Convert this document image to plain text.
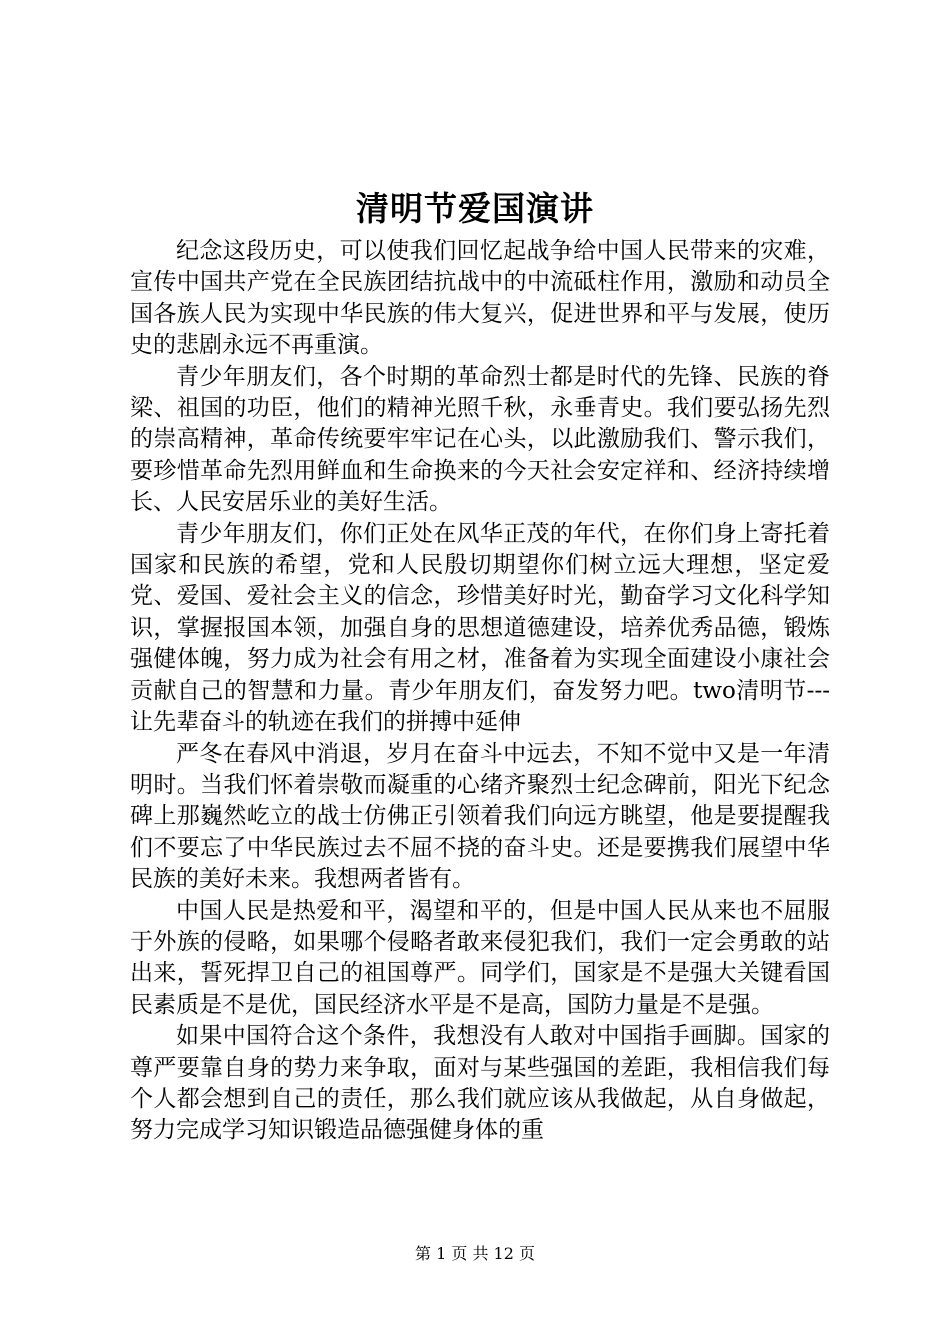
清明节爱国演讲

纪念这段历史，可以使我们回忆起战争给中国人民带来的灾难，宣传中国共产党在全民族团结抗战中的中流砥柱作用，激励和动员全国各族人民为实现中华民族的伟大复兴，促进世界和平与发展，使历史的悲剧永远不再重演。

青少年朋友们，各个时期的革命烈士都是时代的先锋、民族的脊梁、祖国的功臣，他们的精神光照千秋，永垂青史。我们要弘扬先烈的崇高精神，革命传统要牢牢记在心头，以此激励我们、警示我们，要珍惜革命先烈用鲜血和生命换来的今天社会安定祥和、经济持续增长、人民安居乐业的美好生活。

青少年朋友们，你们正处在风华正茂的年代，在你们身上寄托着国家和民族的希望，党和人民殷切期望你们树立远大理想，坚定爱党、爱国、爱社会主义的信念，珍惜美好时光，勤奋学习文化科学知识，掌握报国本领，加强自身的思想道德建设，培养优秀品德，锻炼强健体魄，努力成为社会有用之材，准备着为实现全面建设小康社会贡献自己的智慧和力量。青少年朋友们，奋发努力吧。two清明节---让先辈奋斗的轨迹在我们的拼搏中延伸

严冬在春风中消退，岁月在奋斗中远去，不知不觉中又是一年清明时。当我们怀着崇敬而凝重的心绪齐聚烈士纪念碑前，阳光下纪念碑上那巍然屹立的战士仿佛正引领着我们向远方眺望，他是要提醒我们不要忘了中华民族过去不屈不挠的奋斗史。还是要携我们展望中华民族的美好未来。我想两者皆有。

中国人民是热爱和平，渴望和平的，但是中国人民从来也不屈服于外族的侵略，如果哪个侵略者敢来侵犯我们，我们一定会勇敢的站出来，誓死捍卫自己的祖国尊严。同学们，国家是不是强大关键看国民素质是不是优，国民经济水平是不是高，国防力量是不是强。

如果中国符合这个条件，我想没有人敢对中国指手画脚。国家的尊严要靠自身的势力来争取，面对与某些强国的差距，我相信我们每个人都会想到自己的责任，那么我们就应该从我做起，从自身做起，努力完成学习知识锻造品德强健身体的重

第 1 页 共 12 页
